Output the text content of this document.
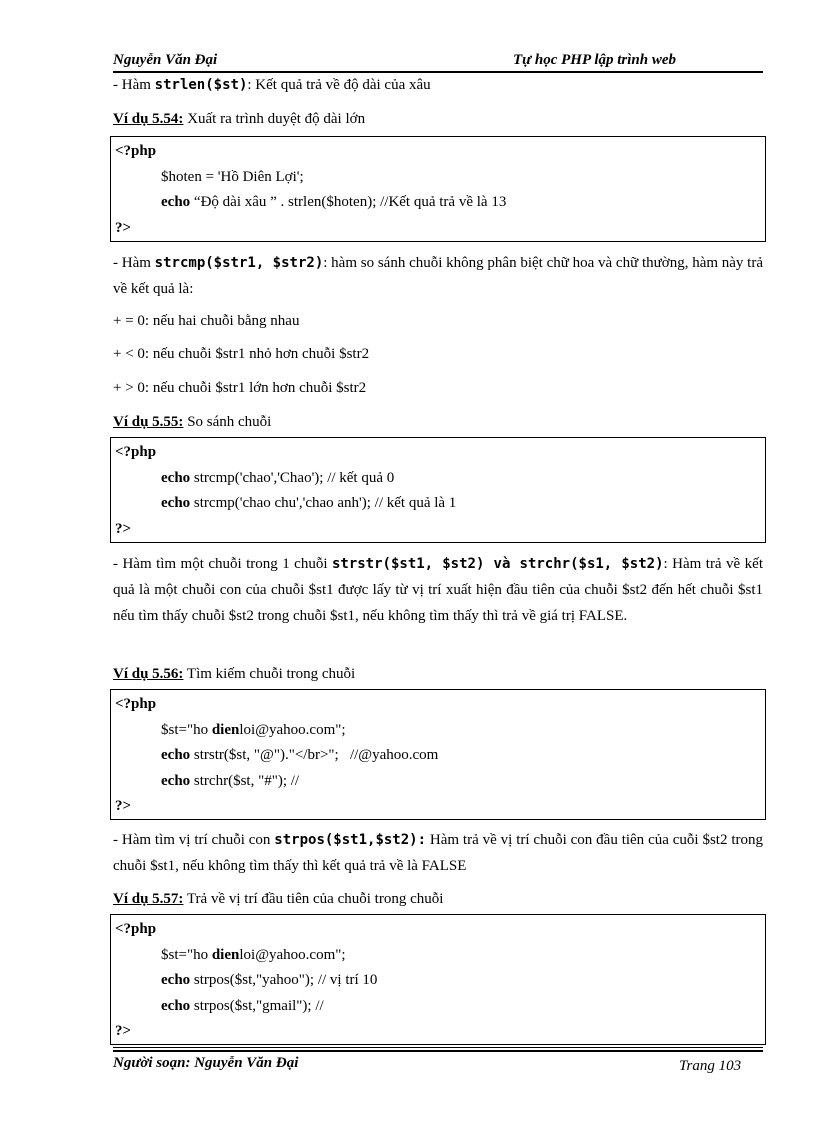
Nguyễn Văn Đại	Tự học PHP lập trình web
- Hàm strlen($st): Kết quả trả về độ dài của xâu
Ví dụ 5.54: Xuất ra trình duyệt độ dài lớn
<?php
$hoten = 'Hồ Diên Lợi';
echo “Độ dài xâu ” . strlen($hoten); //Kết quả trả về là 13
?>
- Hàm strcmp($str1, $str2): hàm so sánh chuỗi không phân biệt chữ hoa và chữ thường, hàm này trả về kết quả là:
+ = 0: nếu hai chuỗi bằng nhau
+ < 0: nếu chuỗi $str1 nhỏ hơn chuỗi $str2
+ > 0: nếu chuỗi $str1 lớn hơn chuỗi $str2
Ví dụ 5.55: So sánh chuỗi
<?php
echo strcmp('chao','Chao'); // kết quả 0
echo strcmp('chao chu','chao anh'); // kết quả là 1
?>
- Hàm tìm một chuỗi trong 1 chuỗi strstr($st1, $st2) và strchr($s1, $st2): Hàm trả về kết quả là một chuỗi con của chuỗi $st1 được lấy từ vị trí xuất hiện đầu tiên của chuỗi $st2 đến hết chuỗi $st1 nếu tìm thấy chuỗi $st2 trong chuỗi $st1, nếu không tìm thấy thì trả về giá trị FALSE.
Ví dụ 5.56: Tìm kiếm chuỗi trong chuỗi
<?php
$st="ho dienloi@yahoo.com";
echo strstr($st, "@")."</br>";   //@yahoo.com
echo strchr($st, "#"); //
?>
- Hàm tìm vị trí chuỗi con strpos($st1,$st2): Hàm trả về vị trí chuỗi con đầu tiên của cuỗi $st2 trong chuỗi $st1, nếu không tìm thấy thì kết quả trả về là FALSE
Ví dụ 5.57: Trả về vị trí đầu tiên của chuỗi trong chuỗi
<?php
$st="ho dienloi@yahoo.com";
echo strpos($st,"yahoo"); // vị trí 10
echo strpos($st,"gmail"); //
?>
Người soạn: Nguyễn Văn Đại	Trang 103
